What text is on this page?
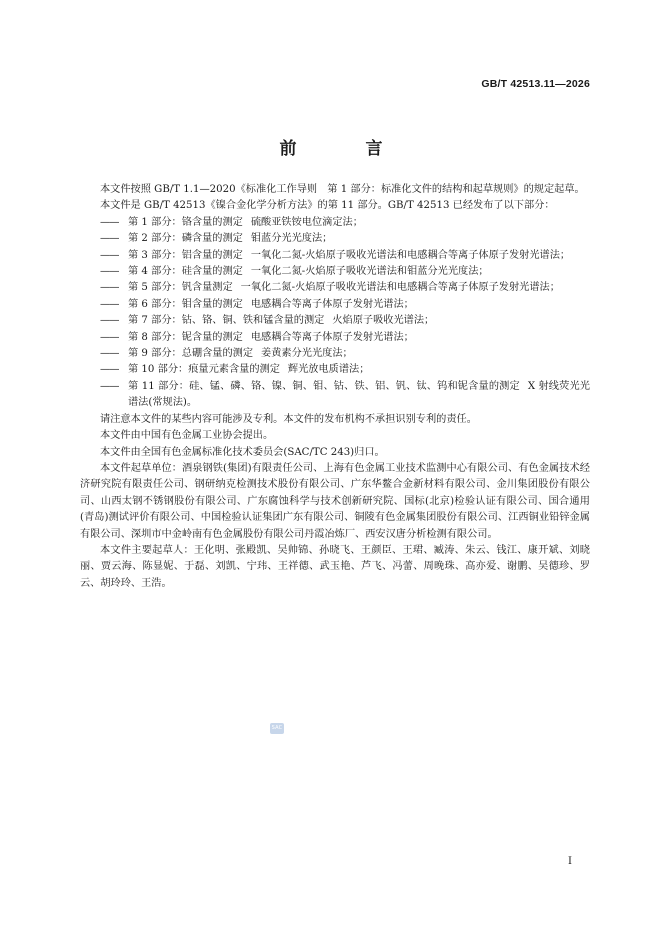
GB/T 42513.11—2026
前　言

本文件按照 GB/T 1.1—2020《标准化工作导则　第 1 部分：标准化文件的结构和起草规则》的规定起草。

本文件是 GB/T 42513《镍合金化学分析方法》的第 11 部分。GB/T 42513 已经发布了以下部分：

—— 第 1 部分：铬含量的测定 硫酸亚铁铵电位滴定法；
—— 第 2 部分：磷含量的测定 钼蓝分光光度法；
—— 第 3 部分：铝含量的测定 一氧化二氮-火焰原子吸收光谱法和电感耦合等离子体原子发射光谱法；
—— 第 4 部分：硅含量的测定 一氧化二氮-火焰原子吸收光谱法和钼蓝分光光度法；
—— 第 5 部分：钒含量测定 一氧化二氮-火焰原子吸收光谱法和电感耦合等离子体原子发射光谱法；
—— 第 6 部分：钼含量的测定 电感耦合等离子体原子发射光谱法；
—— 第 7 部分：钴、铬、铜、铁和锰含量的测定 火焰原子吸收光谱法；
—— 第 8 部分：铌含量的测定 电感耦合等离子体原子发射光谱法；
—— 第 9 部分：总硼含量的测定 姜黄素分光光度法；
—— 第 10 部分：痕量元素含量的测定 辉光放电质谱法；
—— 第 11 部分：硅、锰、磷、铬、镍、铜、钼、钴、铁、铝、钒、钛、钨和铌含量的测定 X 射线荧光光谱法(常规法)。

请注意本文件的某些内容可能涉及专利。本文件的发布机构不承担识别专利的责任。

本文件由中国有色金属工业协会提出。

本文件由全国有色金属标准化技术委员会(SAC/TC 243)归口。

本文件起草单位：酒泉钢铁(集团)有限责任公司、上海有色金属工业技术监测中心有限公司、有色金属技术经济研究院有限责任公司、钢研纳克检测技术股份有限公司、广东华鳌合金新材料有限公司、金川集团股份有限公司、山西太钢不锈钢股份有限公司、广东腐蚀科学与技术创新研究院、国标(北京)检验认证有限公司、国合通用(青岛)测试评价有限公司、中国检验认证集团广东有限公司、铜陵有色金属集团股份有限公司、江西铜业铅锌金属有限公司、深圳市中金岭南有色金属股份有限公司丹霞冶炼厂、西安汉唐分析检测有限公司。

本文件主要起草人：王化明、张殿凯、吴帅锦、孙晓飞、王颜臣、王珺、臧涛、朱云、钱江、康开斌、刘晓丽、贾云海、陈显妮、于磊、刘凯、宁玮、王祥德、武玉艳、芦飞、冯蕾、周晚珠、高亦爱、谢鹏、吴德珍、罗云、胡玲玲、王浩。

SAC
I
